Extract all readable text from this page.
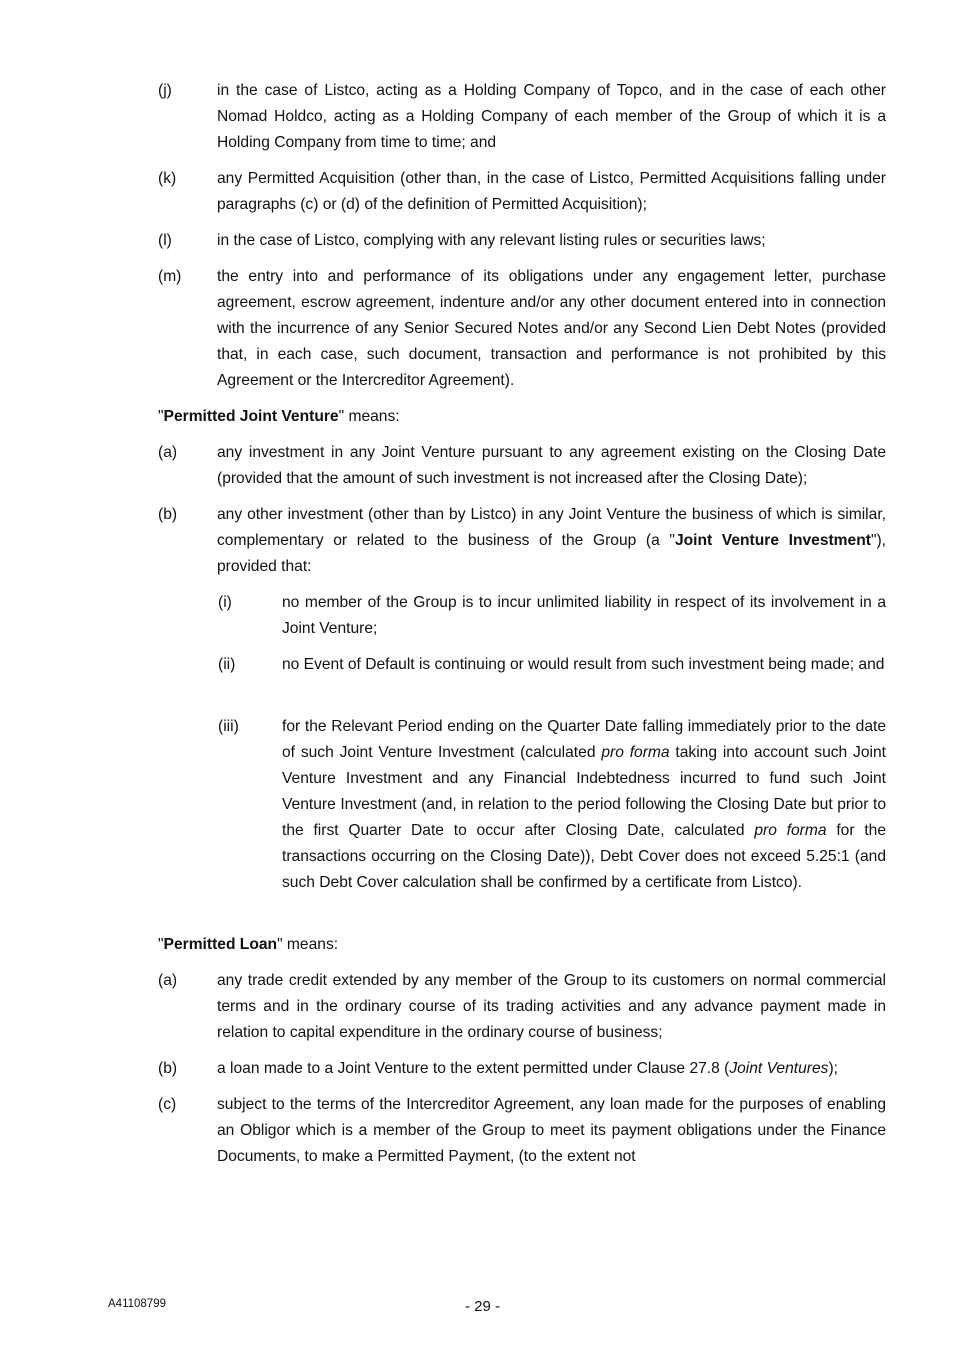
(j)	in the case of Listco, acting as a Holding Company of Topco, and in the case of each other Nomad Holdco, acting as a Holding Company of each member of the Group of which it is a Holding Company from time to time; and
(k)	any Permitted Acquisition (other than, in the case of Listco, Permitted Acquisitions falling under paragraphs (c) or (d) of the definition of Permitted Acquisition);
(l)	in the case of Listco, complying with any relevant listing rules or securities laws;
(m) the entry into and performance of its obligations under any engagement letter, purchase agreement, escrow agreement, indenture and/or any other document entered into in connection with the incurrence of any Senior Secured Notes and/or any Second Lien Debt Notes (provided that, in each case, such document, transaction and performance is not prohibited by this Agreement or the Intercreditor Agreement).
"Permitted Joint Venture" means:
(a)	any investment in any Joint Venture pursuant to any agreement existing on the Closing Date (provided that the amount of such investment is not increased after the Closing Date);
(b)	any other investment (other than by Listco) in any Joint Venture the business of which is similar, complementary or related to the business of the Group (a "Joint Venture Investment"), provided that:
(i)	no member of the Group is to incur unlimited liability in respect of its involvement in a Joint Venture;
(ii)	no Event of Default is continuing or would result from such investment being made; and
(iii)	for the Relevant Period ending on the Quarter Date falling immediately prior to the date of such Joint Venture Investment (calculated pro forma taking into account such Joint Venture Investment and any Financial Indebtedness incurred to fund such Joint Venture Investment (and, in relation to the period following the Closing Date but prior to the first Quarter Date to occur after Closing Date, calculated pro forma for the transactions occurring on the Closing Date)), Debt Cover does not exceed 5.25:1 (and such Debt Cover calculation shall be confirmed by a certificate from Listco).
"Permitted Loan" means:
(a)	any trade credit extended by any member of the Group to its customers on normal commercial terms and in the ordinary course of its trading activities and any advance payment made in relation to capital expenditure in the ordinary course of business;
(b)	a loan made to a Joint Venture to the extent permitted under Clause 27.8 (Joint Ventures);
(c)	subject to the terms of the Intercreditor Agreement, any loan made for the purposes of enabling an Obligor which is a member of the Group to meet its payment obligations under the Finance Documents, to make a Permitted Payment, (to the extent not
A41108799	- 29 -
